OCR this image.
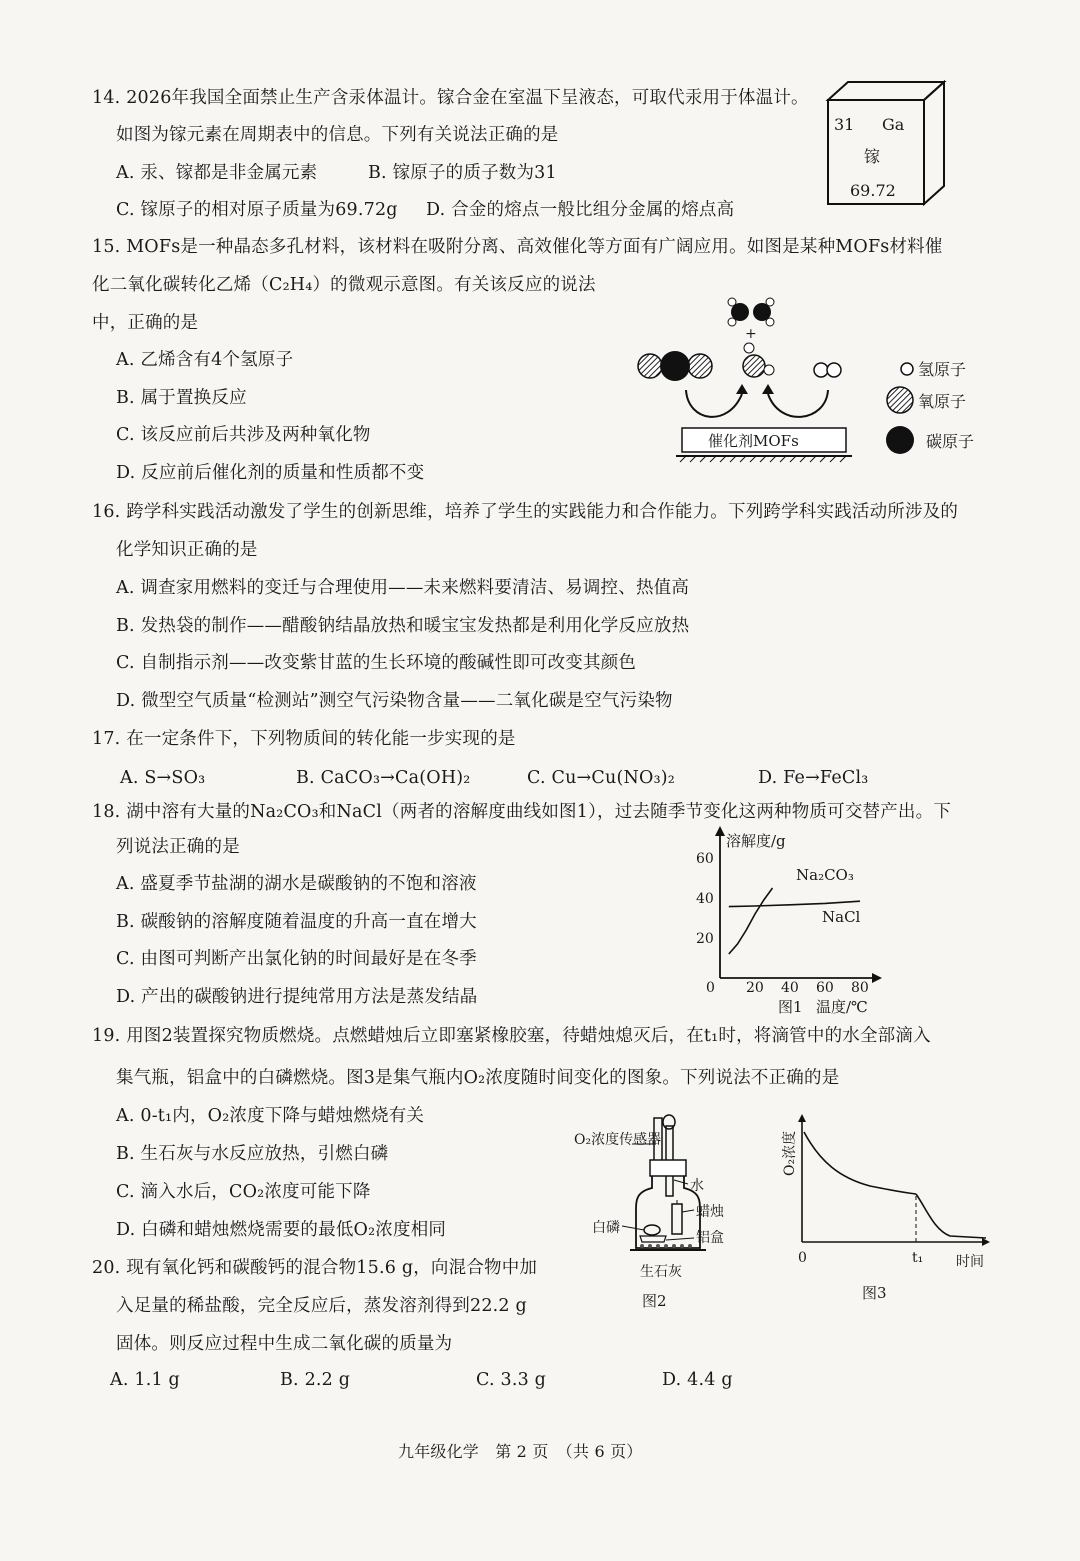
14. 2026年我国全面禁止生产含汞体温计。镓合金在室温下呈液态，可取代汞用于体温计。
如图为镓元素在周期表中的信息。下列有关说法正确的是
A. 汞、镓都是非金属元素	B. 镓原子的质子数为31
C. 镓原子的相对原子质量为69.72g D. 合金的熔点一般比组分金属的熔点高
31 Ga
镓
69.72
15. MOFs是一种晶态多孔材料，该材料在吸附分离、高效催化等方面有广阔应用。如图是某种MOFs材料催
化二氧化碳转化乙烯（C₂H₄）的微观示意图。有关该反应的说法
中，正确的是
A. 乙烯含有4个氢原子
B. 属于置换反应
C. 该反应前后共涉及两种氧化物
D. 反应前后催化剂的质量和性质都不变
+
催化剂MOFs
氢原子
氧原子
碳原子
16. 跨学科实践活动激发了学生的创新思维，培养了学生的实践能力和合作能力。下列跨学科实践活动所涉及的
化学知识正确的是
A. 调查家用燃料的变迁与合理使用——未来燃料要清洁、易调控、热值高
B. 发热袋的制作——醋酸钠结晶放热和暖宝宝发热都是利用化学反应放热
C. 自制指示剂——改变紫甘蓝的生长环境的酸碱性即可改变其颜色
D. 微型空气质量“检测站”测空气污染物含量——二氧化碳是空气污染物
17. 在一定条件下，下列物质间的转化能一步实现的是
A. S→SO₃	B. CaCO₃→Ca(OH)₂	C. Cu→Cu(NO₃)₂	D. Fe→FeCl₃
18. 湖中溶有大量的Na₂CO₃和NaCl（两者的溶解度曲线如图1），过去随季节变化这两种物质可交替产出。下
列说法正确的是
A. 盛夏季节盐湖的湖水是碳酸钠的不饱和溶液
B. 碳酸钠的溶解度随着温度的升高一直在增大
C. 由图可判断产出氯化钠的时间最好是在冬季
D. 产出的碳酸钠进行提纯常用方法是蒸发结晶
溶解度/g
0 20 40 60 80
20
40
60
Na₂CO₃
NaCl
图1 温度/℃
19. 用图2装置探究物质燃烧。点燃蜡烛后立即塞紧橡胶塞，待蜡烛熄灭后，在t₁时，将滴管中的水全部滴入
集气瓶，铝盒中的白磷燃烧。图3是集气瓶内O₂浓度随时间变化的图象。下列说法不正确的是
A. 0-t₁内，O₂浓度下降与蜡烛燃烧有关
B. 生石灰与水反应放热，引燃白磷
C. 滴入水后，CO₂浓度可能下降
D. 白磷和蜡烛燃烧需要的最低O₂浓度相同
O₂浓度传感器
水
蜡烛
白磷
铝盒
生石灰
图2
O₂浓度
0	t₁ 时间
图3
20. 现有氧化钙和碳酸钙的混合物15.6 g，向混合物中加
入足量的稀盐酸，完全反应后，蒸发溶剂得到22.2 g
固体。则反应过程中生成二氧化碳的质量为
A. 1.1 g	B. 2.2 g	C. 3.3 g	D. 4.4 g
九年级化学　第 2 页　（共 6 页）
